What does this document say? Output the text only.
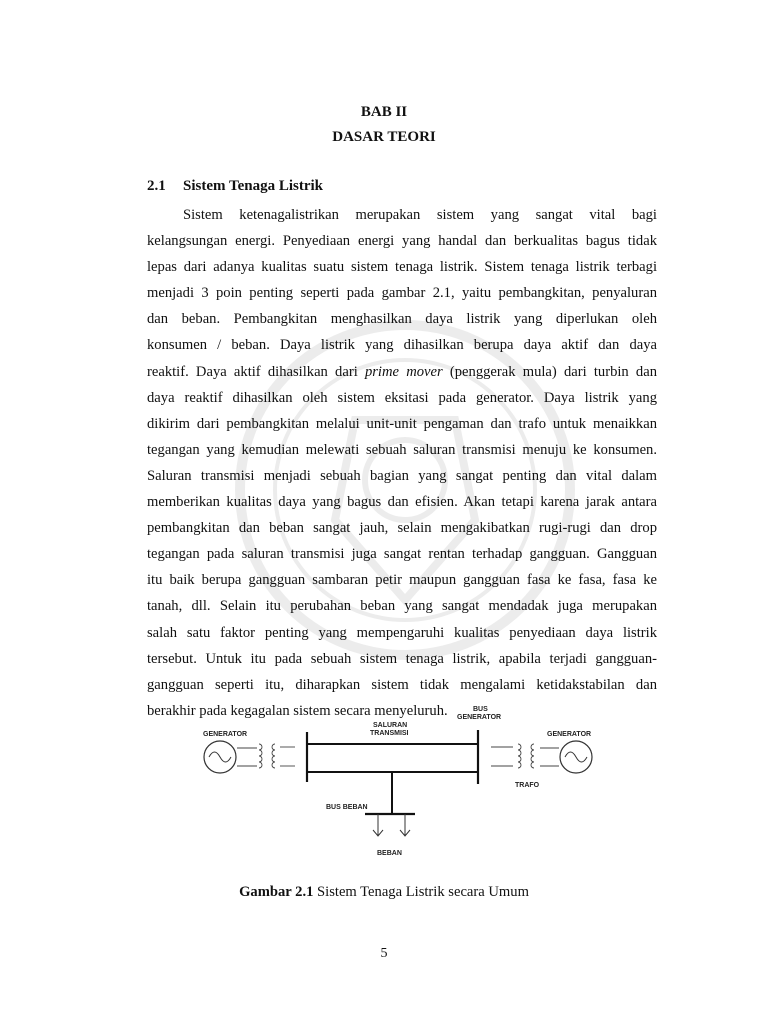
BAB II
DASAR TEORI
2.1 Sistem Tenaga Listrik

Sistem ketenagalistrikan merupakan sistem yang sangat vital bagi
kelangsungan energi. Penyediaan energi yang handal dan berkualitas bagus tidak
lepas dari adanya kualitas suatu sistem tenaga listrik. Sistem tenaga listrik terbagi
menjadi 3 poin penting seperti pada gambar 2.1, yaitu pembangkitan, penyaluran
dan beban. Pembangkitan menghasilkan daya listrik yang diperlukan oleh
konsumen / beban. Daya listrik yang dihasilkan berupa daya aktif dan daya
reaktif. Daya aktif dihasilkan dari prime mover (penggerak mula) dari turbin dan
daya reaktif dihasilkan oleh sistem eksitasi pada generator. Daya listrik yang
dikirim dari pembangkitan melalui unit-unit pengaman dan trafo untuk menaikkan
tegangan yang kemudian melewati sebuah saluran transmisi menuju ke konsumen.
Saluran transmisi menjadi sebuah bagian yang sangat penting dan vital dalam
memberikan kualitas daya yang bagus dan efisien. Akan tetapi karena jarak antara
pembangkitan dan beban sangat jauh, selain mengakibatkan rugi-rugi dan drop
tegangan pada saluran transmisi juga sangat rentan terhadap gangguan. Gangguan
itu baik berupa gangguan sambaran petir maupun gangguan fasa ke fasa, fasa ke
tanah, dll. Selain itu perubahan beban yang sangat mendadak juga merupakan
salah satu faktor penting yang mempengaruhi kualitas penyediaan daya listrik
tersebut. Untuk itu pada sebuah sistem tenaga listrik, apabila terjadi gangguan-
gangguan seperti itu, diharapkan sistem tidak mengalami ketidakstabilan dan
berakhir pada kegagalan sistem secara menyeluruh.

GENERATOR	GENERATOR
SALURAN
TRANSMISI
BUS
GENERATOR
TRAFO
BUS BEBAN
BEBAN
Gambar 2.1 Sistem Tenaga Listrik secara Umum
5
